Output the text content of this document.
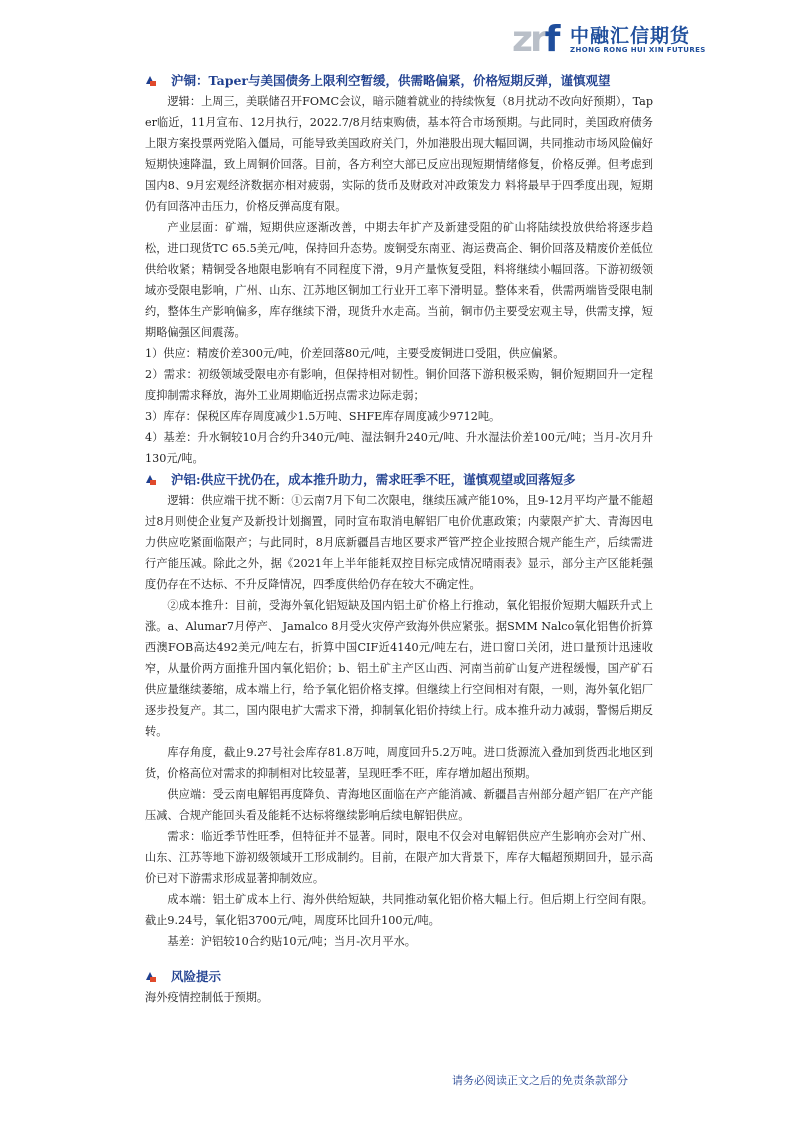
zrf 中融汇信期货
ZHONG RONG HUI XIN FUTURES
沪铜：Taper与美国债务上限利空暂缓，供需略偏紧，价格短期反弹，谨慎观望

逻辑：上周三，美联储召开FOMC会议，暗示随着就业的持续恢复（8月扰动不改向好预期），Taper临近，11月宣布、12月执行，2022.7/8月结束购债，基本符合市场预期。与此同时，美国政府债务上限方案投票两党陷入僵局，可能导致美国政府关门，外加港股出现大幅回调，共同推动市场风险偏好短期快速降温，致上周铜价回落。目前，各方利空大部已反应出现短期情绪修复，价格反弹。但考虑到国内8、9月宏观经济数据亦相对疲弱，实际的货币及财政对冲政策发力 料将最早于四季度出现，短期仍有回落冲击压力，价格反弹高度有限。

产业层面：矿端，短期供应逐渐改善，中期去年扩产及新建受阻的矿山将陆续投放供给将逐步趋松，进口现货TC 65.5美元/吨，保持回升态势。废铜受东南亚、海运费高企、铜价回落及精废价差低位供给收紧；精铜受各地限电影响有不同程度下滑，9月产量恢复受阻，料将继续小幅回落。下游初级领域亦受限电影响，广州、山东、江苏地区铜加工行业开工率下滑明显。整体来看，供需两端皆受限电制约，整体生产影响偏多，库存继续下滑，现货升水走高。当前，铜市仍主要受宏观主导，供需支撑，短期略偏强区间震荡。

1）供应：精废价差300元/吨，价差回落80元/吨，主要受废铜进口受阻，供应偏紧。

2）需求：初级领域受限电亦有影响，但保持相对韧性。铜价回落下游积极采购，铜价短期回升一定程度抑制需求释放，海外工业周期临近拐点需求边际走弱；

3）库存：保税区库存周度减少1.5万吨、SHFE库存周度减少9712吨。

4）基差：升水铜较10月合约升340元/吨、湿法铜升240元/吨、升水湿法价差100元/吨；当月-次月升130元/吨。

沪铝:供应干扰仍在，成本推升助力，需求旺季不旺，谨慎观望或回落短多

逻辑：供应端干扰不断：①云南7月下旬二次限电，继续压减产能10%，且9-12月平均产量不能超过8月则使企业复产及新投计划搁置，同时宣布取消电解铝厂电价优惠政策；内蒙限产扩大、青海因电力供应吃紧面临限产；与此同时，8月底新疆昌吉地区要求严管严控企业按照合规产能生产，后续需进行产能压减。除此之外，据《2021年上半年能耗双控目标完成情况晴雨表》显示，部分主产区能耗强度仍存在不达标、不升反降情况，四季度供给仍存在较大不确定性。

②成本推升：目前，受海外氧化铝短缺及国内铝土矿价格上行推动，氧化铝报价短期大幅跃升式上涨。a、Alumar7月停产、 Jamalco 8月受火灾停产致海外供应紧张。据SMM Nalco氧化铝售价折算西澳FOB高达492美元/吨左右，折算中国CIF近4140元/吨左右，进口窗口关闭，进口量预计迅速收窄，从量价两方面推升国内氧化铝价；b、铝土矿主产区山西、河南当前矿山复产进程缓慢，国产矿石供应量继续萎缩，成本端上行，给予氧化铝价格支撑。但继续上行空间相对有限，一则，海外氧化铝厂逐步投复产。其二，国内限电扩大需求下滑，抑制氧化铝价持续上行。成本推升动力减弱，警惕后期反转。

库存角度，截止9.27号社会库存81.8万吨，周度回升5.2万吨。进口货源流入叠加到货西北地区到货，价格高位对需求的抑制相对比较显著，呈现旺季不旺，库存增加超出预期。

供应端：受云南电解铝再度降负、青海地区面临在产产能消减、新疆昌吉州部分超产铝厂在产产能压减、合规产能回头看及能耗不达标将继续影响后续电解铝供应。

需求：临近季节性旺季，但特征并不显著。同时，限电不仅会对电解铝供应产生影响亦会对广州、山东、江苏等地下游初级领域开工形成制约。目前，在限产加大背景下，库存大幅超预期回升，显示高价已对下游需求形成显著抑制效应。

成本端：铝土矿成本上行、海外供给短缺，共同推动氧化铝价格大幅上行。但后期上行空间有限。截止9.24号，氧化铝3700元/吨，周度环比回升100元/吨。

基差：沪铝较10合约贴10元/吨；当月-次月平水。

风险提示

海外疫情控制低于预期。

请务必阅读正文之后的免责条款部分
